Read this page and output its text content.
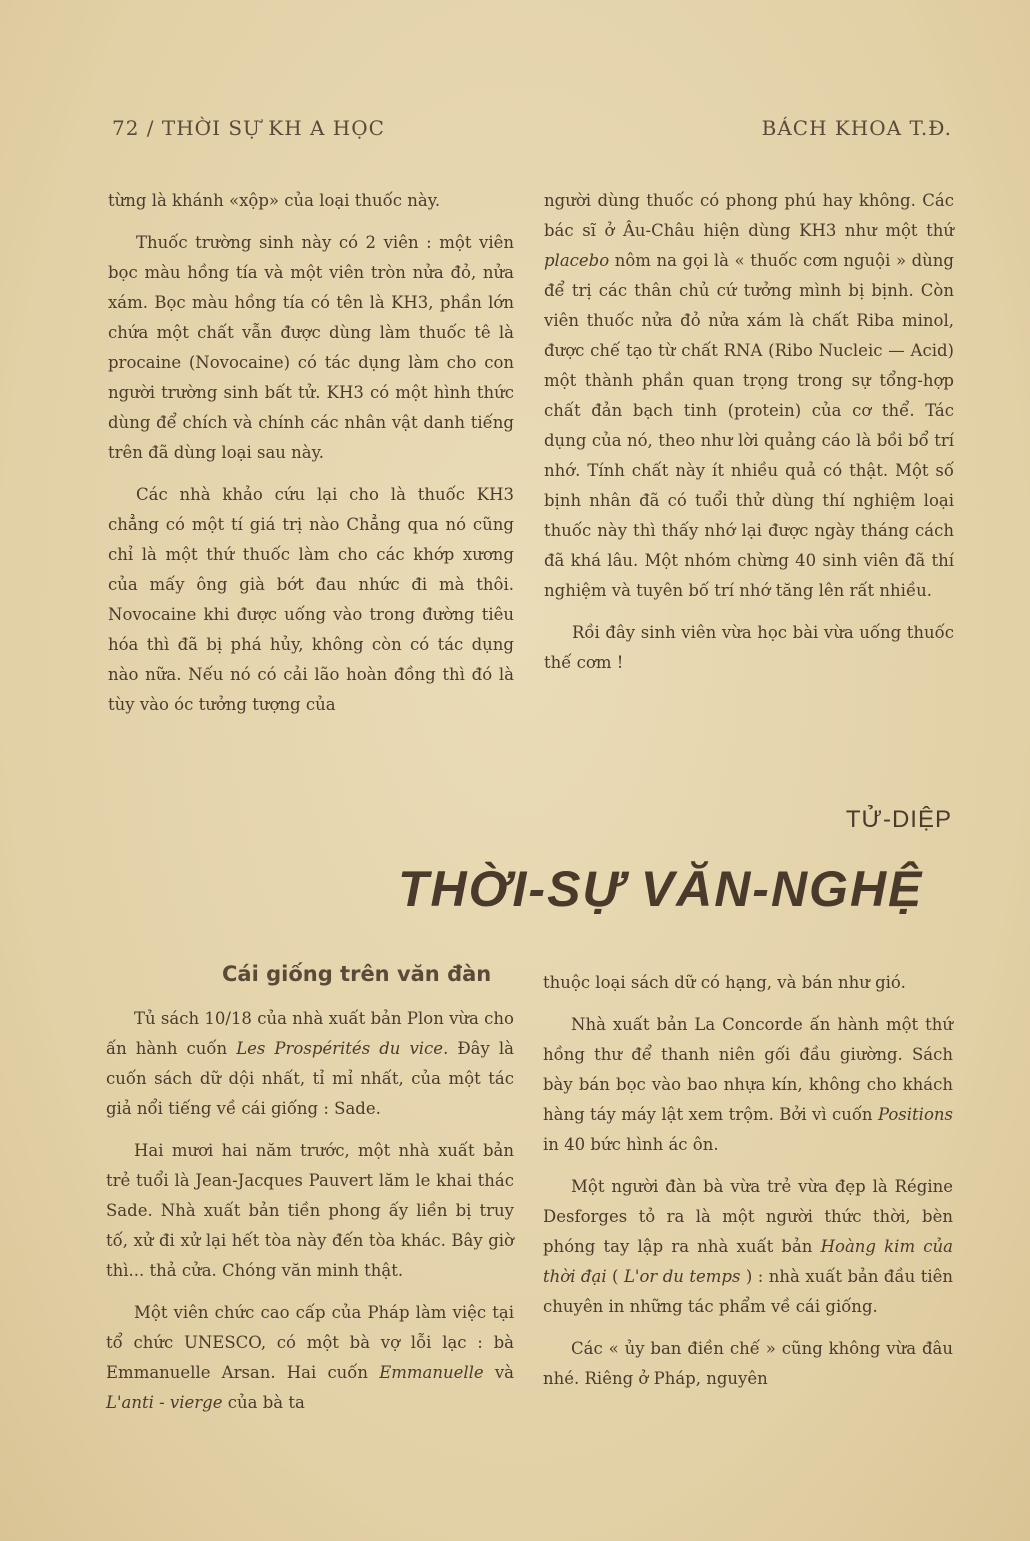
72 / THỜI SỰ KH A HỌC	BÁCH KHOA T.Đ.

từng là khánh «xộp» của loại thuốc này.

Thuốc trường sinh này có 2 viên : một viên bọc màu hồng tía và một viên tròn nửa đỏ, nửa xám. Bọc màu hồng tía có tên là KH3, phần lớn chứa một chất vẫn được dùng làm thuốc tê là procaine (Novocaine) có tác dụng làm cho con người trường sinh bất tử. KH3 có một hình thức dùng để chích và chính các nhân vật danh tiếng trên đã dùng loại sau này.

Các nhà khảo cứu lại cho là thuốc KH3 chẳng có một tí giá trị nào Chẳng qua nó cũng chỉ là một thứ thuốc làm cho các khớp xương của mấy ông già bớt đau nhức đi mà thôi. Novocaine khi được uống vào trong đường tiêu hóa thì đã bị phá hủy, không còn có tác dụng nào nữa. Nếu nó có cải lão hoàn đồng thì đó là tùy vào óc tưởng tượng của

người dùng thuốc có phong phú hay không. Các bác sĩ ở Âu-Châu hiện dùng KH3 như một thứ placebo nôm na gọi là « thuốc cơm nguội » dùng để trị các thân chủ cứ tưởng mình bị bịnh. Còn viên thuốc nửa đỏ nửa xám là chất Riba minol, được chế tạo từ chất RNA (Ribo Nucleic — Acid) một thành phần quan trọng trong sự tổng-hợp chất đản bạch tinh (protein) của cơ thể. Tác dụng của nó, theo như lời quảng cáo là bồi bổ trí nhớ. Tính chất này ít nhiều quả có thật. Một số bịnh nhân đã có tuổi thử dùng thí nghiệm loại thuốc này thì thấy nhớ lại được ngày tháng cách đã khá lâu. Một nhóm chừng 40 sinh viên đã thí nghiệm và tuyên bố trí nhớ tăng lên rất nhiều.

Rồi đây sinh viên vừa học bài vừa uống thuốc thế cơm !

TỬ-DIỆP
THỜI-SỰ VĂN-NGHỆ
Cái giống trên văn đàn

Tủ sách 10/18 của nhà xuất bản Plon vừa cho ấn hành cuốn Les Prospérités du vice. Đây là cuốn sách dữ dội nhất, tỉ mỉ nhất, của một tác giả nổi tiếng về cái giống : Sade.

Hai mươi hai năm trước, một nhà xuất bản trẻ tuổi là Jean-Jacques Pauvert lăm le khai thác Sade. Nhà xuất bản tiền phong ấy liền bị truy tố, xử đi xử lại hết tòa này đến tòa khác. Bây giờ thì... thả cửa. Chóng văn minh thật.

Một viên chức cao cấp của Pháp làm việc tại tổ chức UNESCO, có một bà vợ lỗi lạc : bà Emmanuelle Arsan. Hai cuốn Emmanuelle và L'anti - vierge của bà ta

thuộc loại sách dữ có hạng, và bán như gió.

Nhà xuất bản La Concorde ấn hành một thứ hồng thư để thanh niên gối đầu giường. Sách bày bán bọc vào bao nhựa kín, không cho khách hàng táy máy lật xem trộm. Bởi vì cuốn Positions in 40 bức hình ác ôn.

Một người đàn bà vừa trẻ vừa đẹp là Régine Desforges tỏ ra là một người thức thời, bèn phóng tay lập ra nhà xuất bản Hoàng kim của thời đại ( L'or du temps ) : nhà xuất bản đầu tiên chuyên in những tác phẩm về cái giống.

Các « ủy ban điền chế » cũng không vừa đâu nhé. Riêng ở Pháp, nguyên
